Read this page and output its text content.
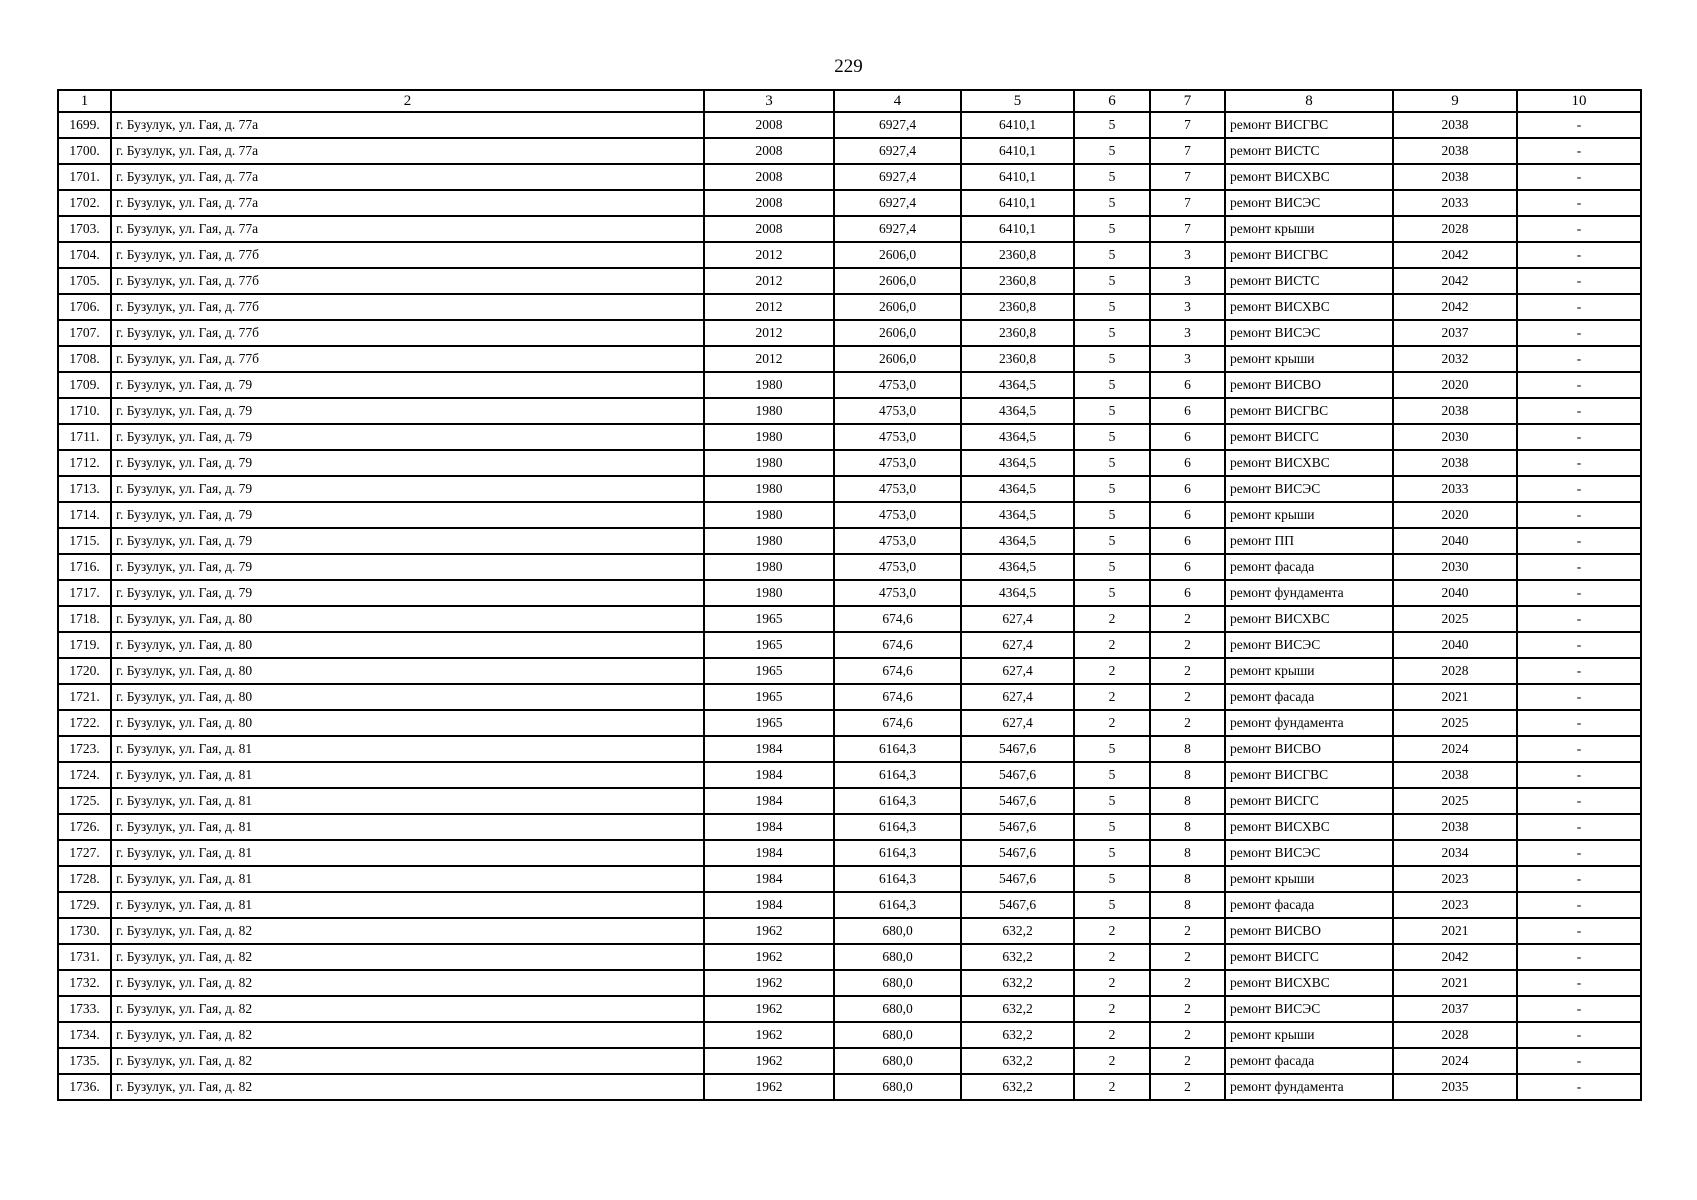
229
1	2	3	4	5	6	7	8	9	10
1699.	г. Бузулук, ул. Гая, д. 77а	2008	6927,4	6410,1	5	7	ремонт ВИСГВС	2038	-
1700.	г. Бузулук, ул. Гая, д. 77а	2008	6927,4	6410,1	5	7	ремонт ВИСТС	2038	-
1701.	г. Бузулук, ул. Гая, д. 77а	2008	6927,4	6410,1	5	7	ремонт ВИСХВС	2038	-
1702.	г. Бузулук, ул. Гая, д. 77а	2008	6927,4	6410,1	5	7	ремонт ВИСЭС	2033	-
1703.	г. Бузулук, ул. Гая, д. 77а	2008	6927,4	6410,1	5	7	ремонт крыши	2028	-
1704.	г. Бузулук, ул. Гая, д. 77б	2012	2606,0	2360,8	5	3	ремонт ВИСГВС	2042	-
1705.	г. Бузулук, ул. Гая, д. 77б	2012	2606,0	2360,8	5	3	ремонт ВИСТС	2042	-
1706.	г. Бузулук, ул. Гая, д. 77б	2012	2606,0	2360,8	5	3	ремонт ВИСХВС	2042	-
1707.	г. Бузулук, ул. Гая, д. 77б	2012	2606,0	2360,8	5	3	ремонт ВИСЭС	2037	-
1708.	г. Бузулук, ул. Гая, д. 77б	2012	2606,0	2360,8	5	3	ремонт крыши	2032	-
1709.	г. Бузулук, ул. Гая, д. 79	1980	4753,0	4364,5	5	6	ремонт ВИСВО	2020	-
1710.	г. Бузулук, ул. Гая, д. 79	1980	4753,0	4364,5	5	6	ремонт ВИСГВС	2038	-
1711.	г. Бузулук, ул. Гая, д. 79	1980	4753,0	4364,5	5	6	ремонт ВИСГС	2030	-
1712.	г. Бузулук, ул. Гая, д. 79	1980	4753,0	4364,5	5	6	ремонт ВИСХВС	2038	-
1713.	г. Бузулук, ул. Гая, д. 79	1980	4753,0	4364,5	5	6	ремонт ВИСЭС	2033	-
1714.	г. Бузулук, ул. Гая, д. 79	1980	4753,0	4364,5	5	6	ремонт крыши	2020	-
1715.	г. Бузулук, ул. Гая, д. 79	1980	4753,0	4364,5	5	6	ремонт ПП	2040	-
1716.	г. Бузулук, ул. Гая, д. 79	1980	4753,0	4364,5	5	6	ремонт фасада	2030	-
1717.	г. Бузулук, ул. Гая, д. 79	1980	4753,0	4364,5	5	6	ремонт фундамента	2040	-
1718.	г. Бузулук, ул. Гая, д. 80	1965	674,6	627,4	2	2	ремонт ВИСХВС	2025	-
1719.	г. Бузулук, ул. Гая, д. 80	1965	674,6	627,4	2	2	ремонт ВИСЭС	2040	-
1720.	г. Бузулук, ул. Гая, д. 80	1965	674,6	627,4	2	2	ремонт крыши	2028	-
1721.	г. Бузулук, ул. Гая, д. 80	1965	674,6	627,4	2	2	ремонт фасада	2021	-
1722.	г. Бузулук, ул. Гая, д. 80	1965	674,6	627,4	2	2	ремонт фундамента	2025	-
1723.	г. Бузулук, ул. Гая, д. 81	1984	6164,3	5467,6	5	8	ремонт ВИСВО	2024	-
1724.	г. Бузулук, ул. Гая, д. 81	1984	6164,3	5467,6	5	8	ремонт ВИСГВС	2038	-
1725.	г. Бузулук, ул. Гая, д. 81	1984	6164,3	5467,6	5	8	ремонт ВИСГС	2025	-
1726.	г. Бузулук, ул. Гая, д. 81	1984	6164,3	5467,6	5	8	ремонт ВИСХВС	2038	-
1727.	г. Бузулук, ул. Гая, д. 81	1984	6164,3	5467,6	5	8	ремонт ВИСЭС	2034	-
1728.	г. Бузулук, ул. Гая, д. 81	1984	6164,3	5467,6	5	8	ремонт крыши	2023	-
1729.	г. Бузулук, ул. Гая, д. 81	1984	6164,3	5467,6	5	8	ремонт фасада	2023	-
1730.	г. Бузулук, ул. Гая, д. 82	1962	680,0	632,2	2	2	ремонт ВИСВО	2021	-
1731.	г. Бузулук, ул. Гая, д. 82	1962	680,0	632,2	2	2	ремонт ВИСГС	2042	-
1732.	г. Бузулук, ул. Гая, д. 82	1962	680,0	632,2	2	2	ремонт ВИСХВС	2021	-
1733.	г. Бузулук, ул. Гая, д. 82	1962	680,0	632,2	2	2	ремонт ВИСЭС	2037	-
1734.	г. Бузулук, ул. Гая, д. 82	1962	680,0	632,2	2	2	ремонт крыши	2028	-
1735.	г. Бузулук, ул. Гая, д. 82	1962	680,0	632,2	2	2	ремонт фасада	2024	-
1736.	г. Бузулук, ул. Гая, д. 82	1962	680,0	632,2	2	2	ремонт фундамента	2035	-
